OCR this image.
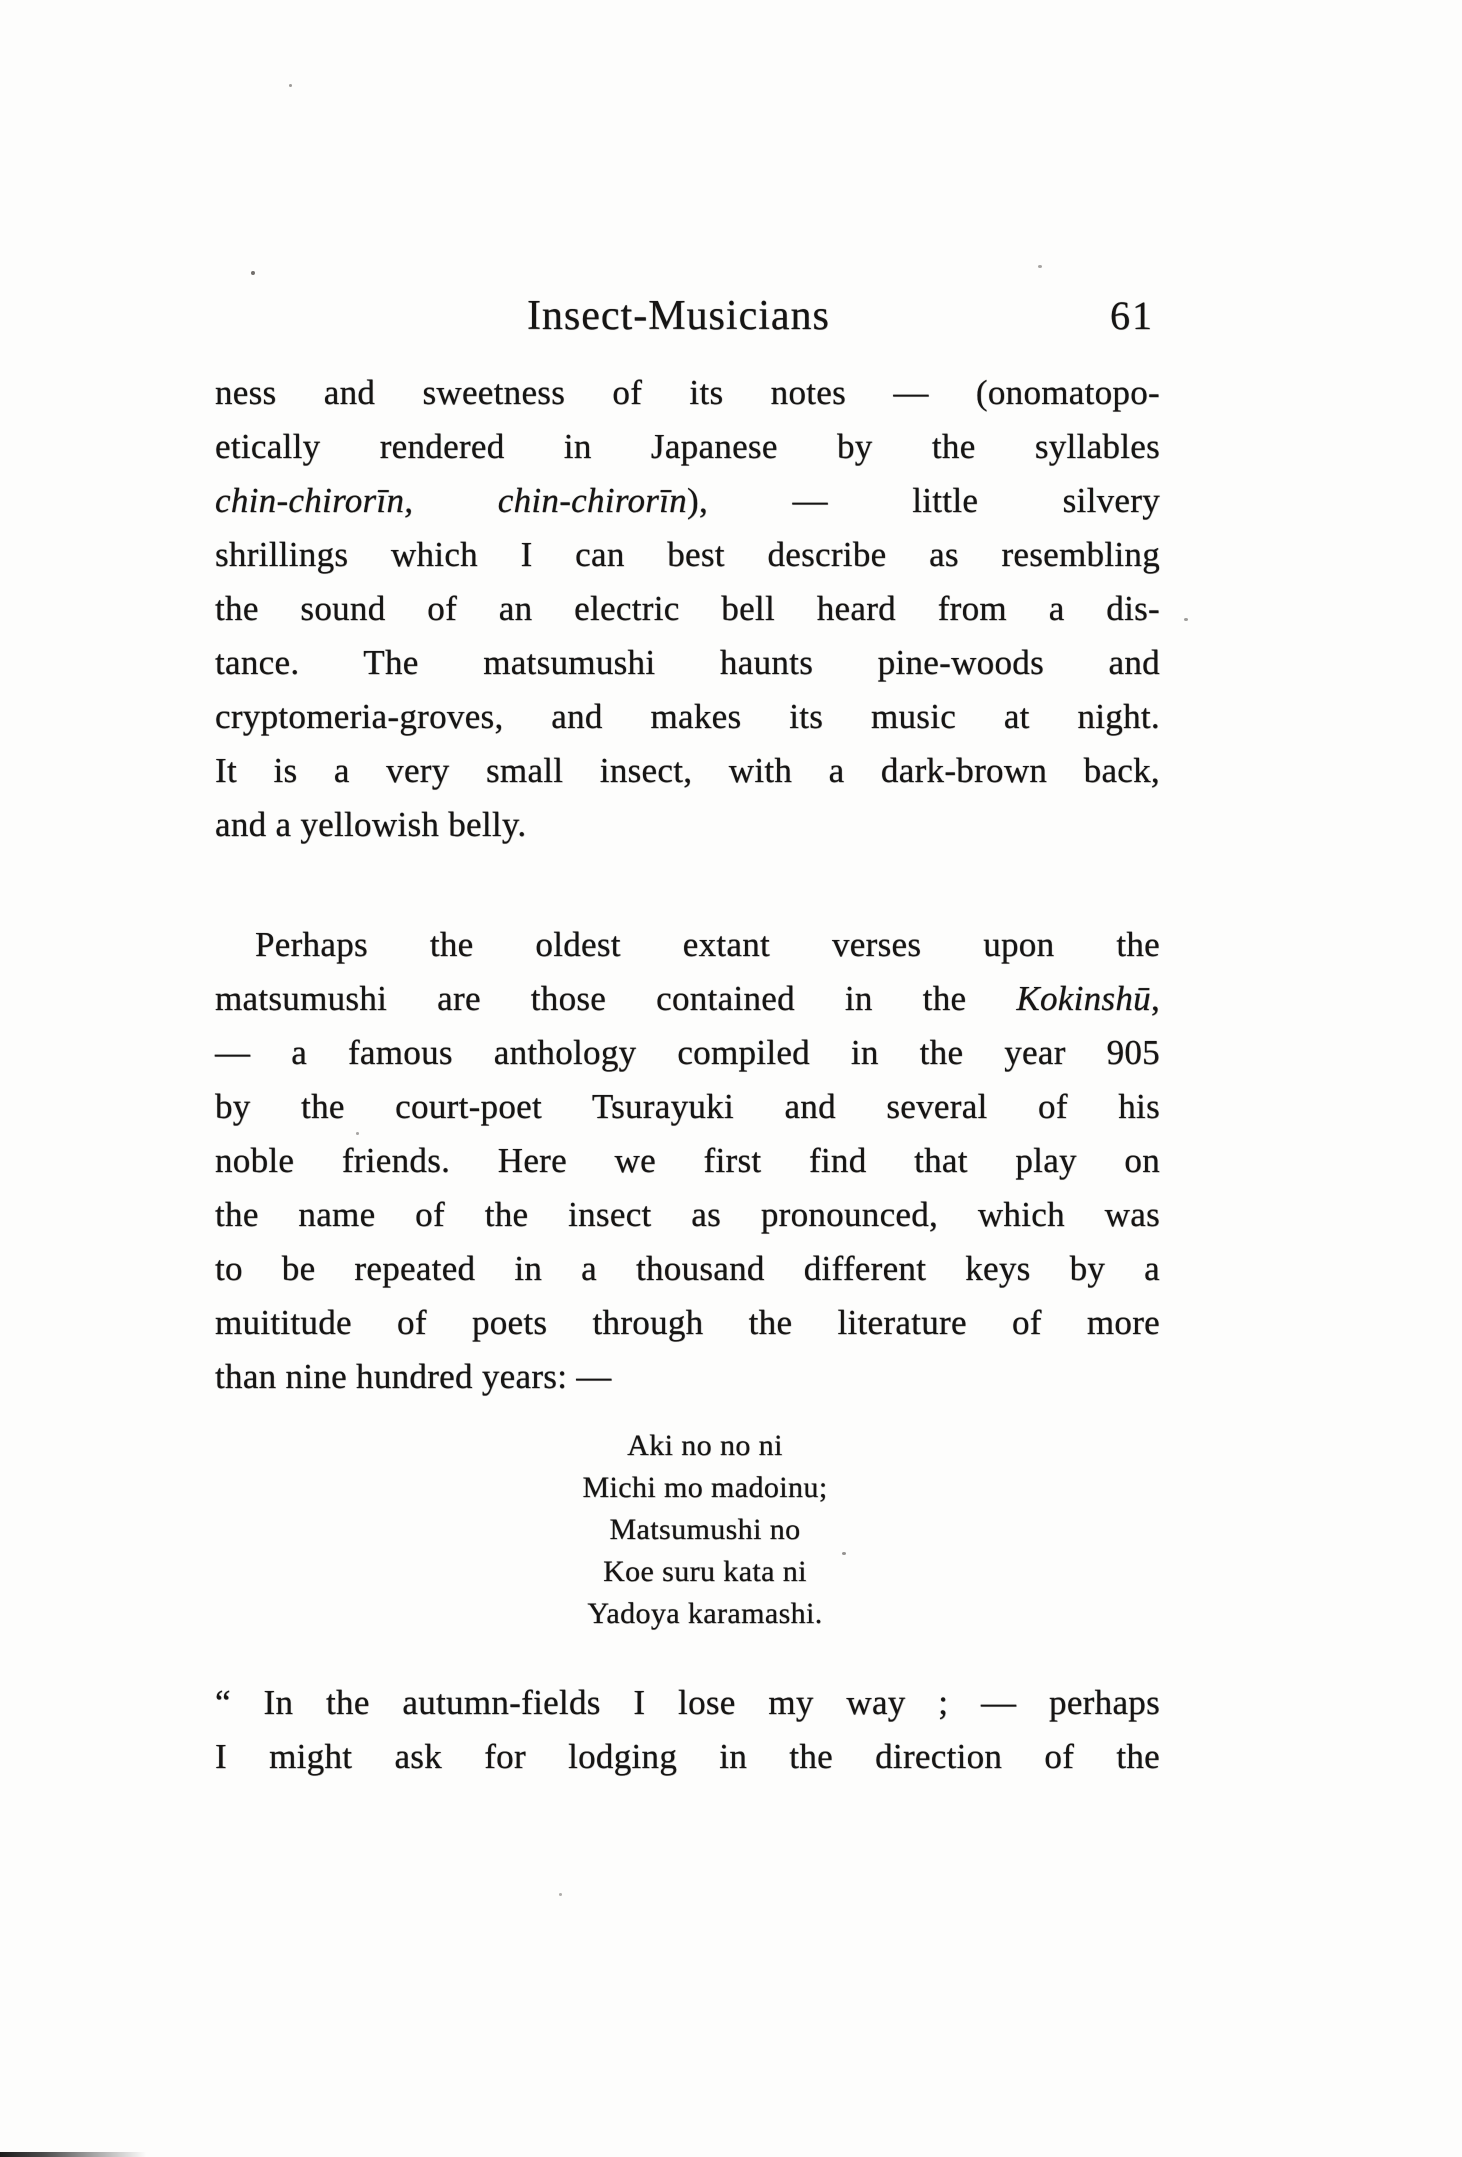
Insect-Musicians	61
ness and sweetness of its notes — (onomatopo-
etically rendered in Japanese by the syllables
chin-chirorīn, chin-chirorīn), — little silvery
shrillings which I can best describe as resembling
the sound of an electric bell heard from a dis-
tance. The matsumushi haunts pine-woods and
cryptomeria-groves, and makes its music at night.
It is a very small insect, with a dark-brown back,
and a yellowish belly.
Perhaps the oldest extant verses upon the
matsumushi are those contained in the Kokinshū,
— a famous anthology compiled in the year 905
by the court-poet Tsurayuki and several of his
noble friends. Here we first find that play on
the name of the insect as pronounced, which was
to be repeated in a thousand different keys by a
muititude of poets through the literature of more
than nine hundred years: —
Aki no no ni
Michi mo madoinu;
Matsumushi no
Koe suru kata ni
Yadoya karamashi.
“ In the autumn-fields I lose my way ; — perhaps
I might ask for lodging in the direction of the
